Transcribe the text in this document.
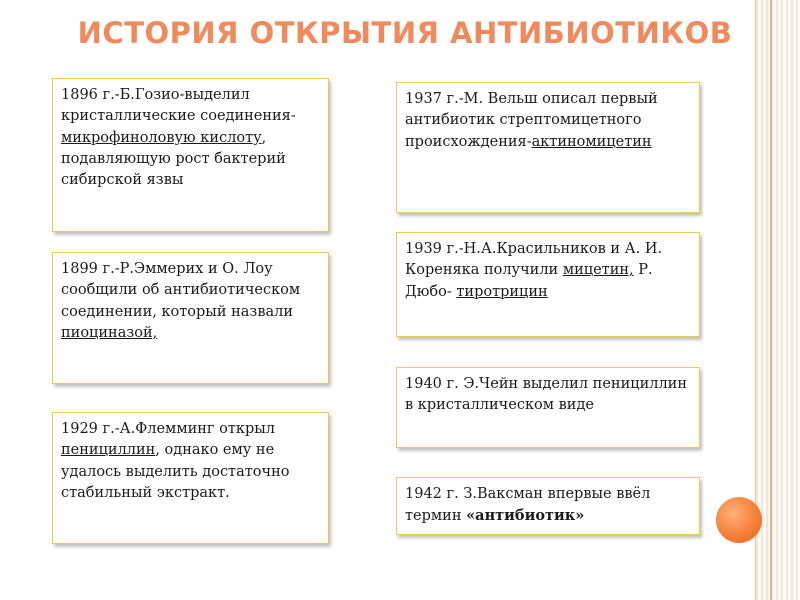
ИСТОРИЯ ОТКРЫТИЯ АНТИБИОТИКОВ
1896 г.-Б.Гозио-выделил кристаллические соединения-микрофиноловую кислоту, подавляющую рост бактерий сибирской язвы
1899 г.-Р.Эммерих и О. Лоу сообщили об антибиотическом соединении, который назвали пиоциназой,
1929 г.-А.Флемминг открыл пенициллин, однако ему не удалось выделить достаточно стабильный экстракт.
1937 г.-М. Вельш описал первый антибиотик стрептомицетного происхождения-актиномицетин
1939 г.-Н.А.Красильников и А. И. Кореняка получили мицетин, Р. Дюбо- тиротрицин
1940 г. Э.Чейн выделил пенициллин в кристаллическом виде
1942 г. З.Ваксман впервые ввёл термин «антибиотик»
